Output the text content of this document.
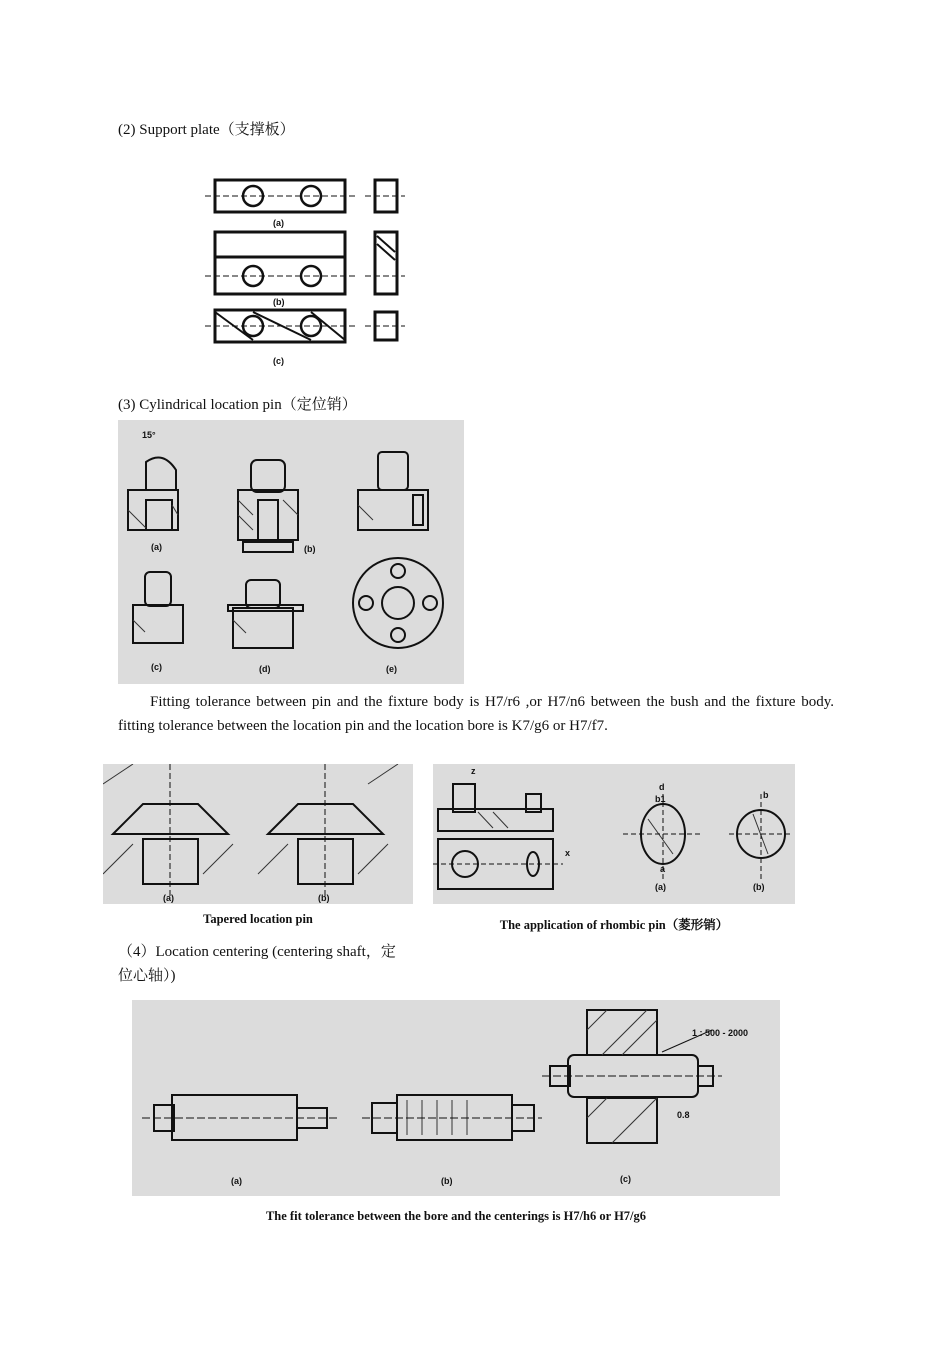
(2) Support plate（支撑板）
(a)
(b)
(c)
(3) Cylindrical location pin（定位销）
15°
(a)	(b)
(c)	(d)	(e)
Fitting tolerance between pin and the fixture body is H7/r6 ,or H7/n6 between the bush and the fixture body. fitting tolerance between the location pin and the location bore is K7/g6 or H7/f7.
(a)	(b)
Tapered location pin
z
x
d
b1	b
a
(a)	(b)
The application of rhombic pin（菱形销）
（4）Location centering (centering shaft，定位心轴）)
1 : 500 - 2000
0.8
(a)	(b)	(c)
The fit tolerance between the bore and the centerings is H7/h6 or H7/g6
